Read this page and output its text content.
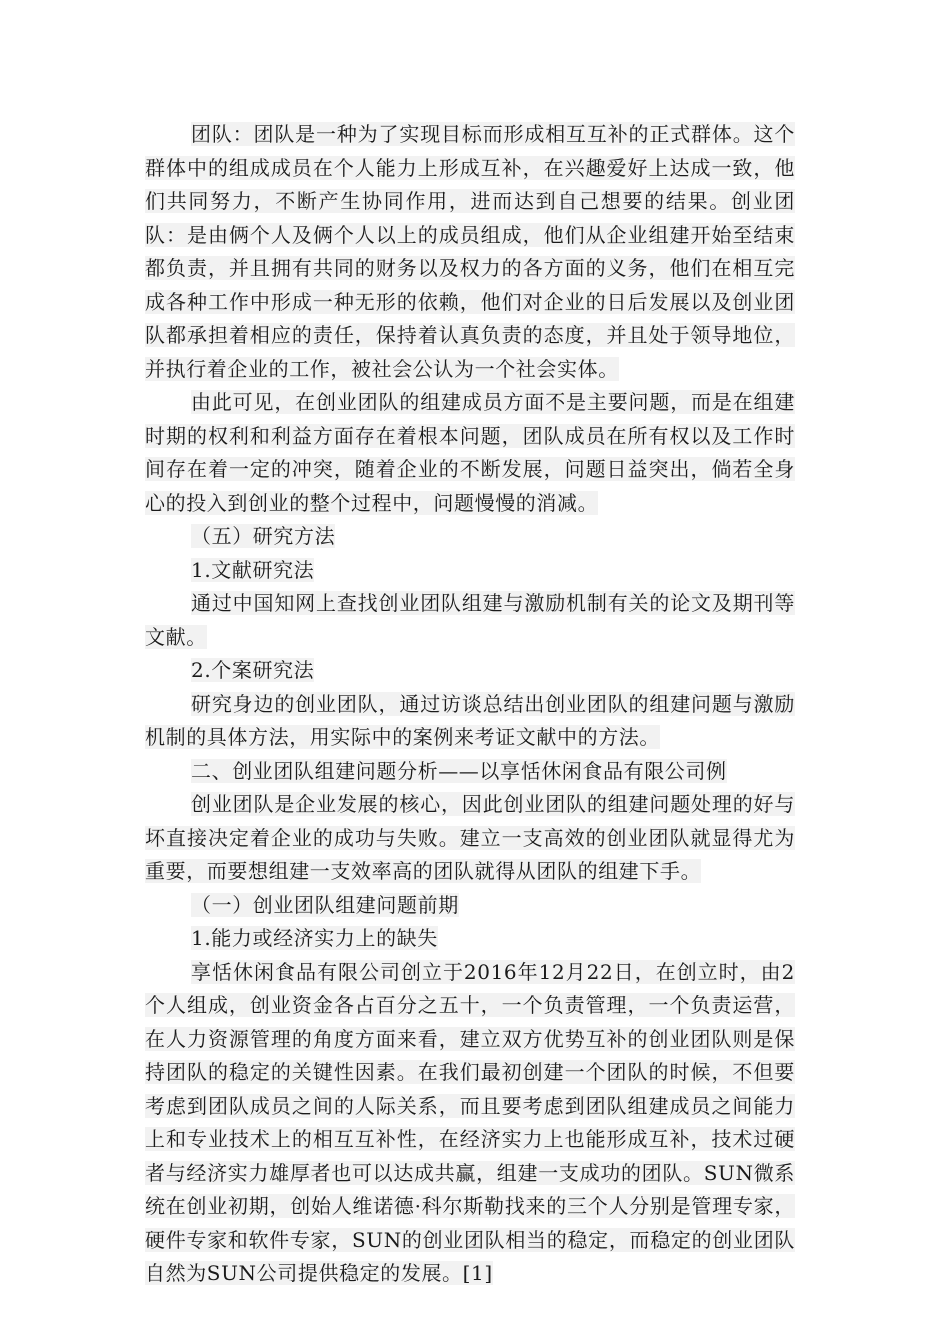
团队：团队是一种为了实现目标而形成相互互补的正式群体。这个群体中的组成成员在个人能力上形成互补，在兴趣爱好上达成一致，他们共同努力，不断产生协同作用，进而达到自己想要的结果。创业团队：是由俩个人及俩个人以上的成员组成，他们从企业组建开始至结束都负责，并且拥有共同的财务以及权力的各方面的义务，他们在相互完成各种工作中形成一种无形的依赖，他们对企业的日后发展以及创业团队都承担着相应的责任，保持着认真负责的态度，并且处于领导地位，并执行着企业的工作，被社会公认为一个社会实体。

由此可见，在创业团队的组建成员方面不是主要问题，而是在组建时期的权利和利益方面存在着根本问题，团队成员在所有权以及工作时间存在着一定的冲突，随着企业的不断发展，问题日益突出，倘若全身心的投入到创业的整个过程中，问题慢慢的消减。

（五）研究方法

1.文献研究法

通过中国知网上查找创业团队组建与激励机制有关的论文及期刊等文献。

2.个案研究法

研究身边的创业团队，通过访谈总结出创业团队的组建问题与激励机制的具体方法，用实际中的案例来考证文献中的方法。

二、创业团队组建问题分析——以享恬休闲食品有限公司例

创业团队是企业发展的核心，因此创业团队的组建问题处理的好与坏直接决定着企业的成功与失败。建立一支高效的创业团队就显得尤为重要，而要想组建一支效率高的团队就得从团队的组建下手。

（一）创业团队组建问题前期

1.能力或经济实力上的缺失

享恬休闲食品有限公司创立于2016年12月22日，在创立时，由2个人组成，创业资金各占百分之五十，一个负责管理，一个负责运营，在人力资源管理的角度方面来看，建立双方优势互补的创业团队则是保持团队的稳定的关键性因素。在我们最初创建一个团队的时候，不但要考虑到团队成员之间的人际关系，而且要考虑到团队组建成员之间能力上和专业技术上的相互互补性，在经济实力上也能形成互补，技术过硬者与经济实力雄厚者也可以达成共赢，组建一支成功的团队。SUN微系统在创业初期，创始人维诺德·科尔斯勒找来的三个人分别是管理专家，硬件专家和软件专家，SUN的创业团队相当的稳定，而稳定的创业团队自然为SUN公司提供稳定的发展。[1]
